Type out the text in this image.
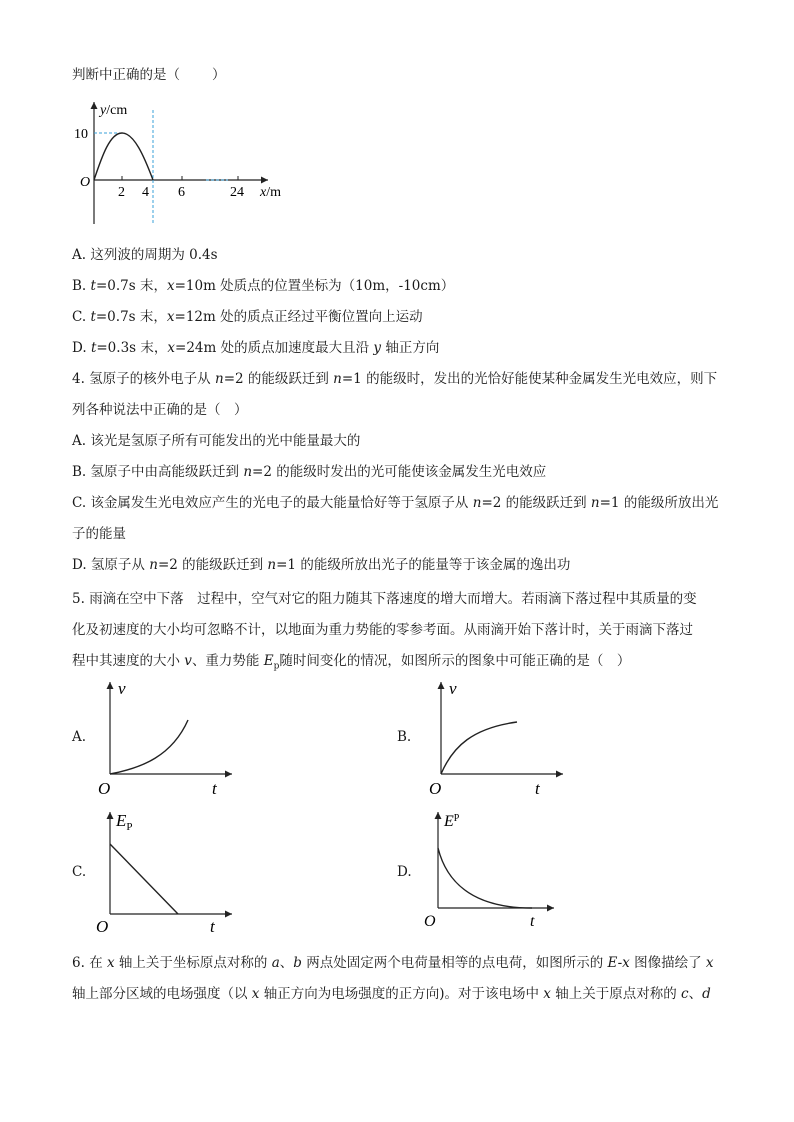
判断中正确的是（ ）
y/cm
10
O
2 4 6	24 x/m
A. 这列波的周期为 0.4s
B. t=0.7s 末，x=10m 处质点的位置坐标为（10m，-10cm）
C. t=0.7s 末，x=12m 处的质点正经过平衡位置向上运动
D. t=0.3s 末，x=24m 处的质点加速度最大且沿 y 轴正方向
4. 氢原子的核外电子从 n=2 的能级跃迁到 n=1 的能级时，发出的光恰好能使某种金属发生光电效应，则下
列各种说法中正确的是（　）
A. 该光是氢原子所有可能发出的光中能量最大的
B. 氢原子中由高能级跃迁到 n=2 的能级时发出的光可能使该金属发生光电效应
C. 该金属发生光电效应产生的光电子的最大能量恰好等于氢原子从 n=2 的能级跃迁到 n=1 的能级所放出光
子的能量
D. 氢原子从 n=2 的能级跃迁到 n=1 的能级所放出光子的能量等于该金属的逸出功
5. 雨滴在空中下落　过程中，空气对它的阻力随其下落速度的增大而增大。若雨滴下落过程中其质量的变
化及初速度的大小均可忽略不计，以地面为重力势能的零参考面。从雨滴开始下落计时，关于雨滴下落过
程中其速度的大小 v、重力势能 $E_p$随时间变化的情况，如图所示的图象中可能正确的是（　）
A.
v
O	t
B.
v
O	t
C.
$E_P$
O	t
D.
$E^P$
O	t
6. 在 x 轴上关于坐标原点对称的 a、b 两点处固定两个电荷量相等的点电荷，如图所示的 E-x 图像描绘了 x
轴上部分区域的电场强度（以 x 轴正方向为电场强度的正方向)。对于该电场中 x 轴上关于原点对称的 c、d
